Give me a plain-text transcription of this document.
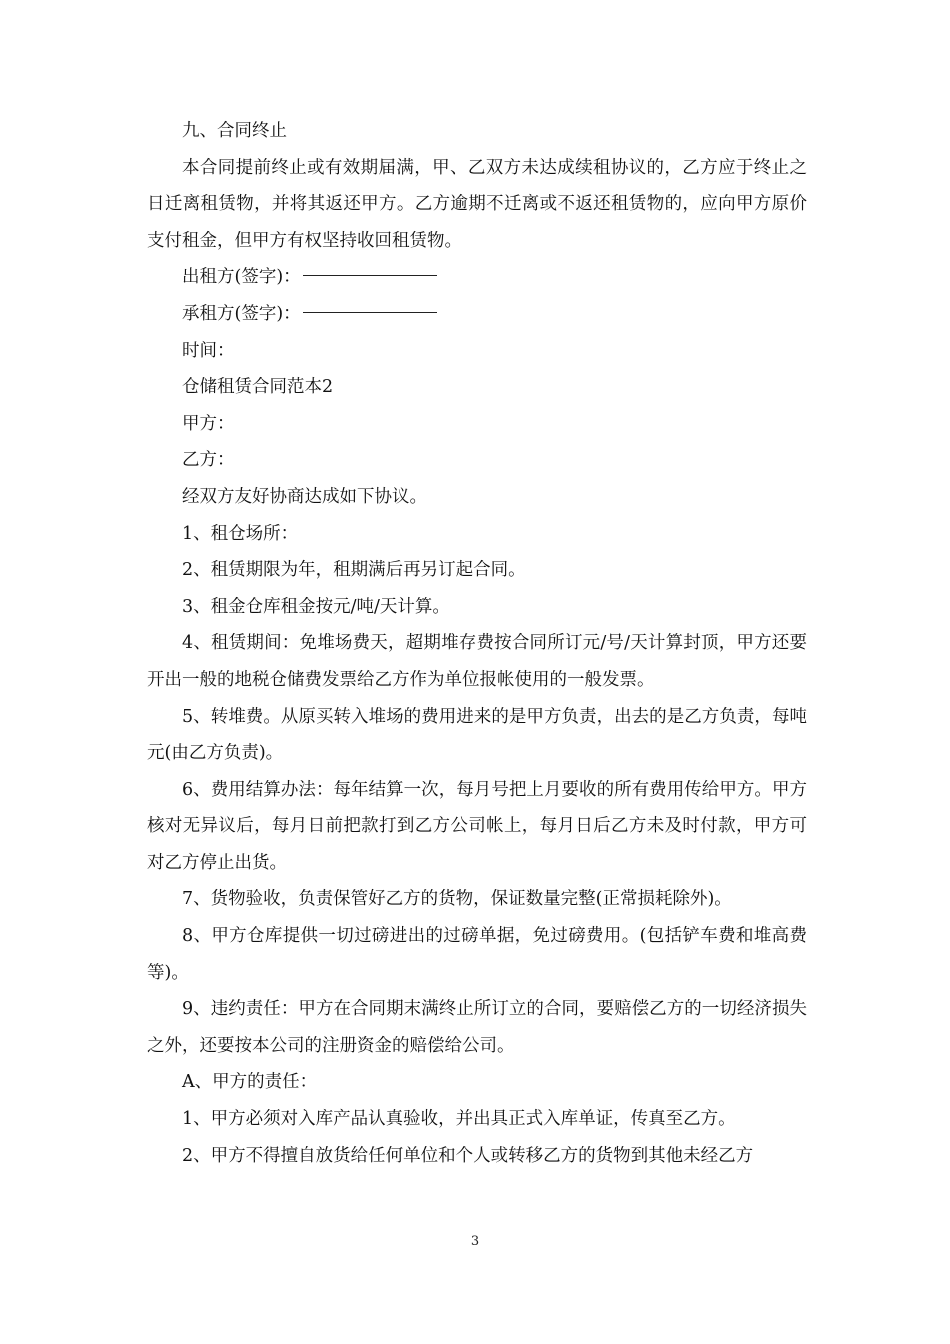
九、合同终止

本合同提前终止或有效期届满，甲、乙双方未达成续租协议的，乙方应于终止之日迁离租赁物，并将其返还甲方。乙方逾期不迁离或不返还租赁物的，应向甲方原价支付租金，但甲方有权坚持收回租赁物。

出租方(签字)：

承租方(签字)：

时间：

仓储租赁合同范本2

甲方：

乙方：

经双方友好协商达成如下协议。

1、租仓场所：

2、租赁期限为年，租期满后再另订起合同。

3、租金仓库租金按元/吨/天计算。

4、租赁期间：免堆场费天，超期堆存费按合同所订元/号/天计算封顶，甲方还要开出一般的地税仓储费发票给乙方作为单位报帐使用的一般发票。

5、转堆费。从原买转入堆场的费用进来的是甲方负责，出去的是乙方负责，每吨元(由乙方负责)。

6、费用结算办法：每年结算一次，每月号把上月要收的所有费用传给甲方。甲方核对无异议后，每月日前把款打到乙方公司帐上，每月日后乙方未及时付款，甲方可对乙方停止出货。

7、货物验收，负责保管好乙方的货物，保证数量完整(正常损耗除外)。

8、甲方仓库提供一切过磅进出的过磅单据，免过磅费用。(包括铲车费和堆高费等)。

9、违约责任：甲方在合同期末满终止所订立的合同，要赔偿乙方的一切经济损失之外，还要按本公司的注册资金的赔偿给公司。

A、甲方的责任：

1、甲方必须对入库产品认真验收，并出具正式入库单证，传真至乙方。

2、甲方不得擅自放货给任何单位和个人或转移乙方的货物到其他未经乙方

3
